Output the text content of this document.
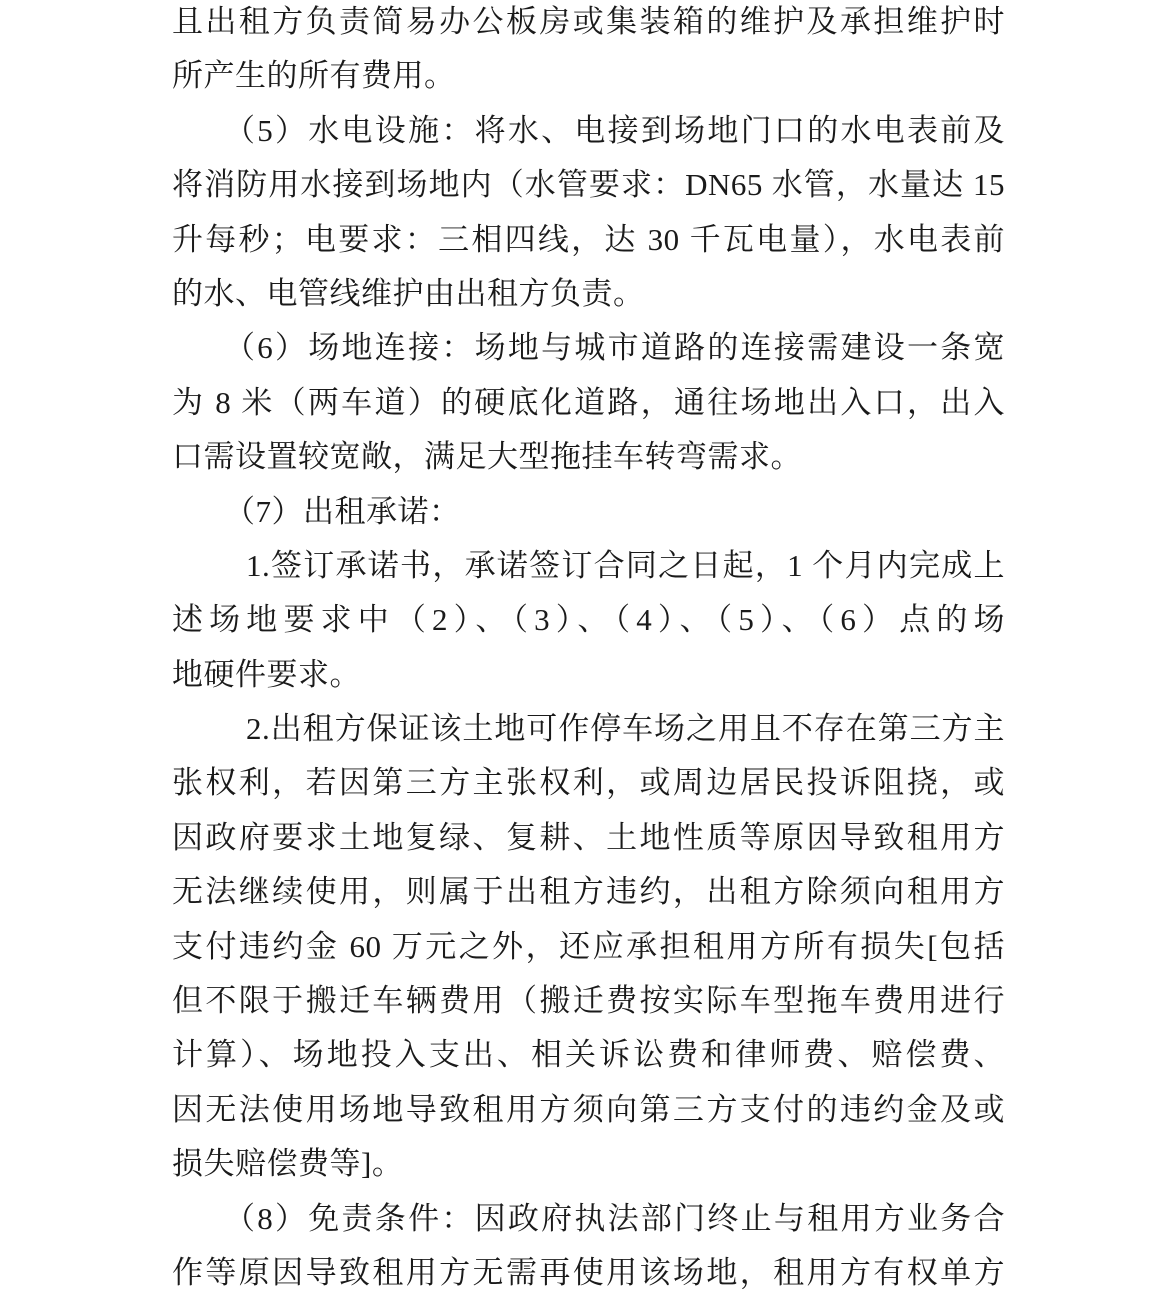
且出租方负责简易办公板房或集装箱的维护及承担维护时
所产生的所有费用。
（5）水电设施：将水、电接到场地门口的水电表前及
将消防用水接到场地内（水管要求：DN65 水管，水量达 15
升每秒；电要求：三相四线，达 30 千瓦电量），水电表前
的水、电管线维护由出租方负责。
（6）场地连接：场地与城市道路的连接需建设一条宽
为 8 米（两车道）的硬底化道路，通往场地出入口，出入
口需设置较宽敞，满足大型拖挂车转弯需求。
（7）出租承诺：
1.签订承诺书，承诺签订合同之日起，1 个月内完成上
述场地要求中（2）、（3）、（4）、（5）、（6）点的场
地硬件要求。
2.出租方保证该土地可作停车场之用且不存在第三方主
张权利，若因第三方主张权利，或周边居民投诉阻挠，或
因政府要求土地复绿、复耕、土地性质等原因导致租用方
无法继续使用，则属于出租方违约，出租方除须向租用方
支付违约金 60 万元之外，还应承担租用方所有损失[包括
但不限于搬迁车辆费用（搬迁费按实际车型拖车费用进行
计算）、场地投入支出、相关诉讼费和律师费、赔偿费、
因无法使用场地导致租用方须向第三方支付的违约金及或
损失赔偿费等]。
（8）免责条件：因政府执法部门终止与租用方业务合
作等原因导致租用方无需再使用该场地，租用方有权单方
